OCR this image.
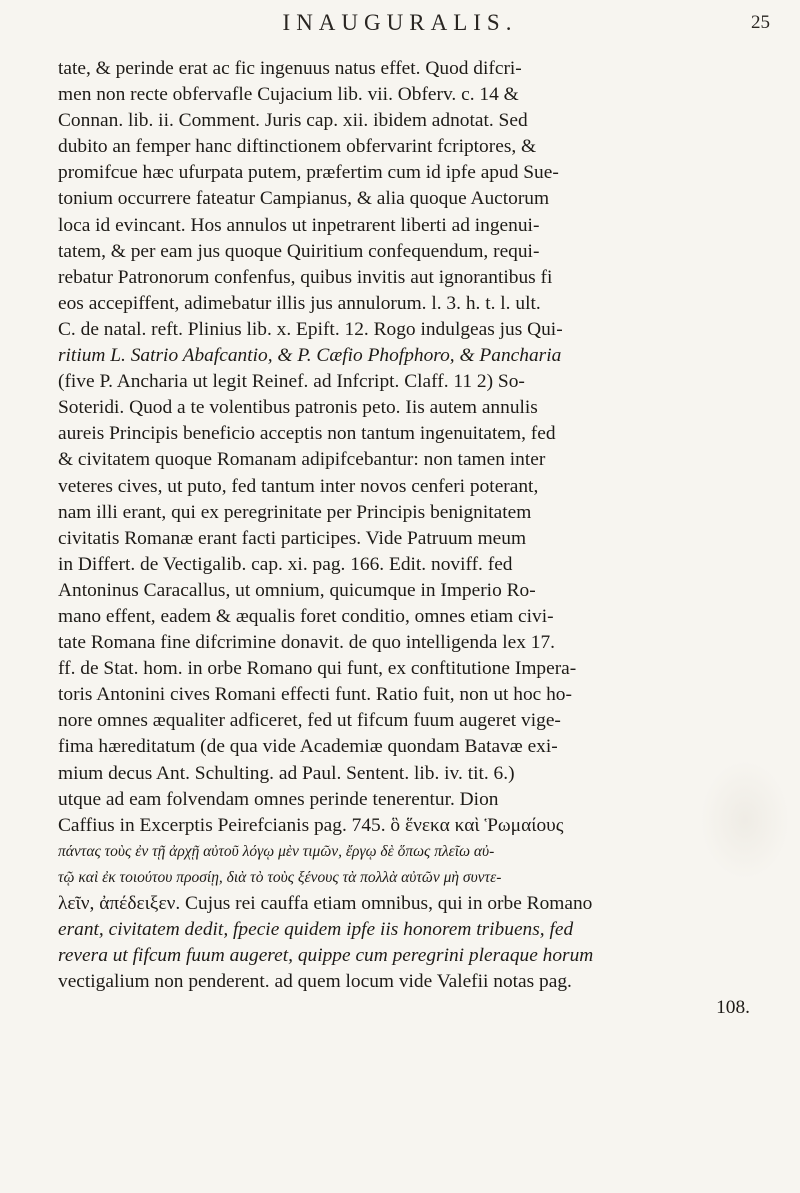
INAUGURALIS.	25
tate, & perinde erat ac fic ingenuus natus effet. Quod difcri-
men non recte obfervafle Cujacium lib. vii. Obferv. c. 14 &
Connan. lib. ii. Comment. Juris cap. xii. ibidem adnotat. Sed
dubito an femper hanc diftinctionem obfervarint fcriptores, &
promifcue hæc ufurpata putem, præfertim cum id ipfe apud Sue-
tonium occurrere fateatur Campianus, & alia quoque Auctorum
loca id evincant. Hos annulos ut inpetrarent liberti ad ingenui-
tatem, & per eam jus quoque Quiritium confequendum, requi-
rebatur Patronorum confenfus, quibus invitis aut ignorantibus fi
eos accepiffent, adimebatur illis jus annulorum. l. 3. h. t. l. ult.
C. de natal. reft. Plinius lib. x. Epift. 12. Rogo indulgeas jus Qui-
ritium L. Satrio Abafcantio, & P. Cæfio Phofphoro, & Pancharia
(five P. Ancharia ut legit Reinef. ad Infcript. Claff. 11 2) So-
Soteridi. Quod a te volentibus patronis peto. Iis autem annulis
aureis Principis beneficio acceptis non tantum ingenuitatem, fed
& civitatem quoque Romanam adipifcebantur: non tamen inter
veteres cives, ut puto, fed tantum inter novos cenferi poterant,
nam illi erant, qui ex peregrinitate per Principis benignitatem
civitatis Romanæ erant facti participes. Vide Patruum meum
in Differt. de Vectigalib. cap. xi. pag. 166. Edit. noviff. fed
Antoninus Caracallus, ut omnium, quicumque in Imperio Ro-
mano effent, eadem & æqualis foret conditio, omnes etiam civi-
tate Romana fine difcrimine donavit. de quo intelligenda lex 17.
ff. de Stat. hom. in orbe Romano qui funt, ex conftitutione Impera-
toris Antonini cives Romani effecti funt. Ratio fuit, non ut hoc ho-
nore omnes æqualiter adficeret, fed ut fifcum fuum augeret vige-
fima hæreditatum (de qua vide Academiæ quondam Batavæ exi-
mium decus Ant. Schulting. ad Paul. Sentent. lib. iv. tit. 6.)
utque ad eam folvendam omnes perinde tenerentur. Dion
Caffius in Excerptis Peirefcianis pag. 745. ὃ ἕνεκα καὶ Ῥωμαίους
πάντας τοὺς ἐν τῇ ἀρχῇ αὐτοῦ λόγῳ μὲν τιμῶν, ἔργῳ δὲ ὅπως πλεῖω αὐ-
τῷ καὶ ἐκ τοιούτου προσίῃ, διὰ τὸ τοὺς ξένους τὰ πολλὰ αὐτῶν μὴ συντε-
λεῖν, ἀπέδειξεν. Cujus rei cauffa etiam omnibus, qui in orbe Romano
erant, civitatem dedit, fpecie quidem ipfe iis honorem tribuens, fed
revera ut fifcum fuum augeret, quippe cum peregrini pleraque horum
vectigalium non penderent. ad quem locum vide Valefii notas pag.
108.
